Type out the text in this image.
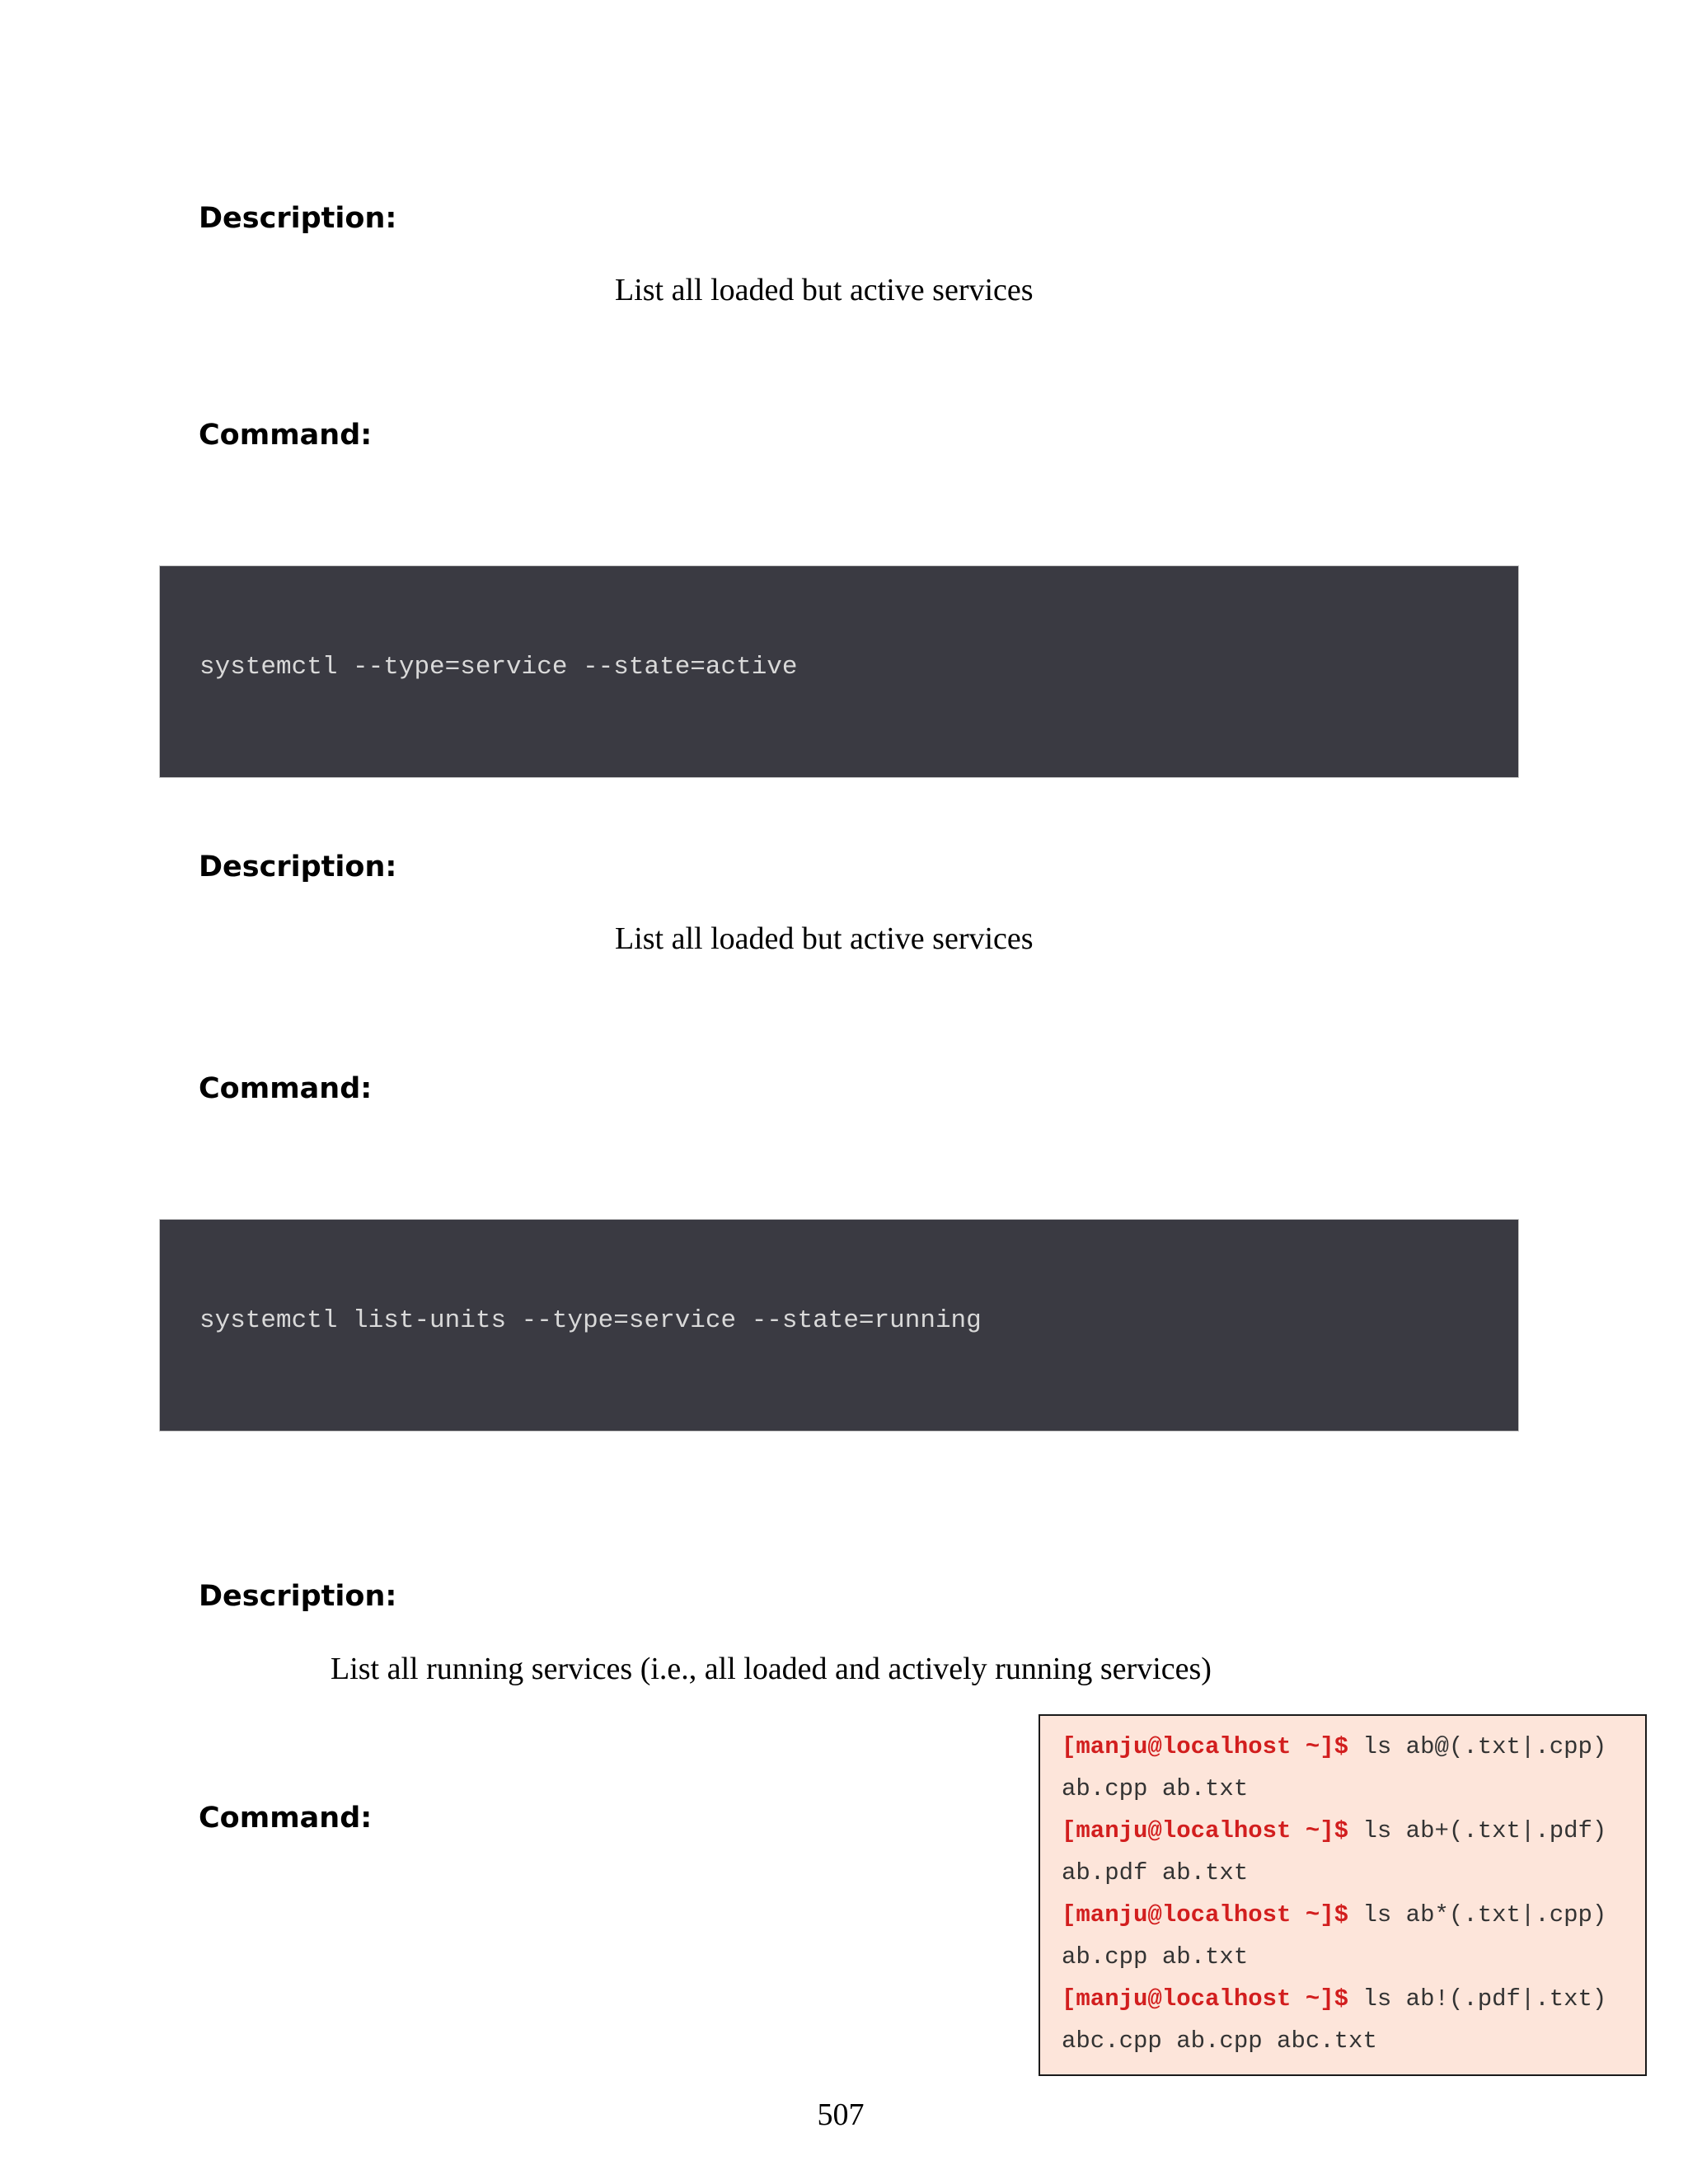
Description:
List all loaded but active services
Command:
systemctl --type=service --state=active
Description:
List all loaded but active services
Command:
systemctl list-units --type=service --state=running
Description:
List all running services (i.e., all loaded and actively running services)
Command:
[manju@localhost ~]$ ls ab@(.txt|.cpp)
ab.cpp ab.txt
[manju@localhost ~]$ ls ab+(.txt|.pdf)
ab.pdf ab.txt
[manju@localhost ~]$ ls ab*(.txt|.cpp)
ab.cpp ab.txt
[manju@localhost ~]$ ls ab!(.pdf|.txt)
abc.cpp ab.cpp abc.txt
507
